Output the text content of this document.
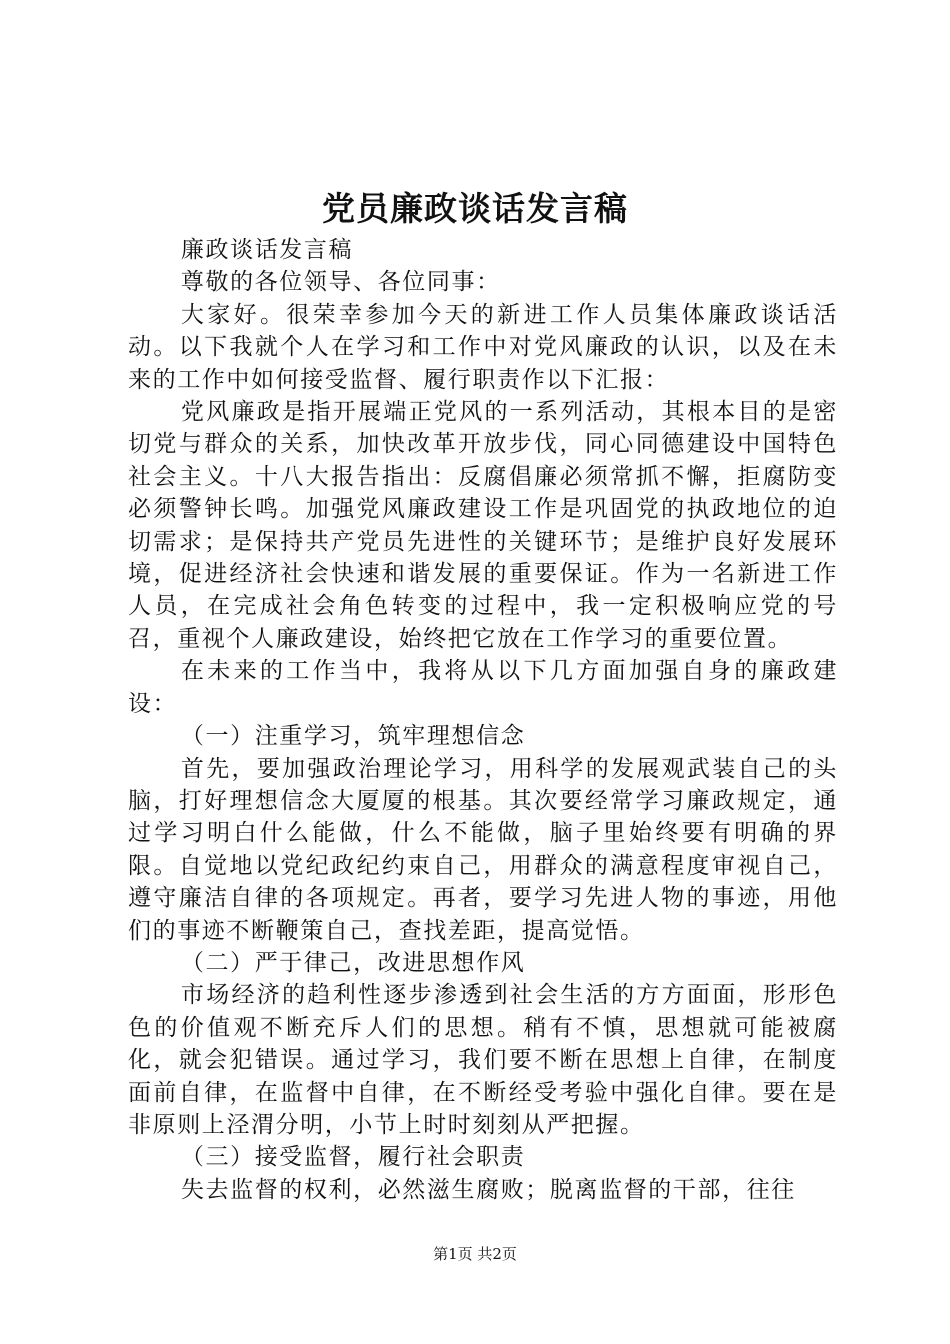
党员廉政谈话发言稿

廉政谈话发言稿

尊敬的各位领导、各位同事：

大家好。很荣幸参加今天的新进工作人员集体廉政谈话活动。以下我就个人在学习和工作中对党风廉政的认识，以及在未来的工作中如何接受监督、履行职责作以下汇报：

党风廉政是指开展端正党风的一系列活动，其根本目的是密切党与群众的关系，加快改革开放步伐，同心同德建设中国特色社会主义。十八大报告指出：反腐倡廉必须常抓不懈，拒腐防变必须警钟长鸣。加强党风廉政建设工作是巩固党的执政地位的迫切需求；是保持共产党员先进性的关键环节；是维护良好发展环境，促进经济社会快速和谐发展的重要保证。作为一名新进工作人员，在完成社会角色转变的过程中，我一定积极响应党的号召，重视个人廉政建设，始终把它放在工作学习的重要位置。

在未来的工作当中，我将从以下几方面加强自身的廉政建设：

（一）注重学习，筑牢理想信念

首先，要加强政治理论学习，用科学的发展观武装自己的头脑，打好理想信念大厦厦的根基。其次要经常学习廉政规定，通过学习明白什么能做，什么不能做，脑子里始终要有明确的界限。自觉地以党纪政纪约束自己，用群众的满意程度审视自己，遵守廉洁自律的各项规定。再者，要学习先进人物的事迹，用他们的事迹不断鞭策自己，查找差距，提高觉悟。

（二）严于律己，改进思想作风

市场经济的趋利性逐步渗透到社会生活的方方面面，形形色色的价值观不断充斥人们的思想。稍有不慎，思想就可能被腐化，就会犯错误。通过学习，我们要不断在思想上自律，在制度面前自律，在监督中自律，在不断经受考验中强化自律。要在是非原则上泾渭分明，小节上时时刻刻从严把握。

（三）接受监督，履行社会职责

失去监督的权利，必然滋生腐败；脱离监督的干部，往往

第1页 共2页
